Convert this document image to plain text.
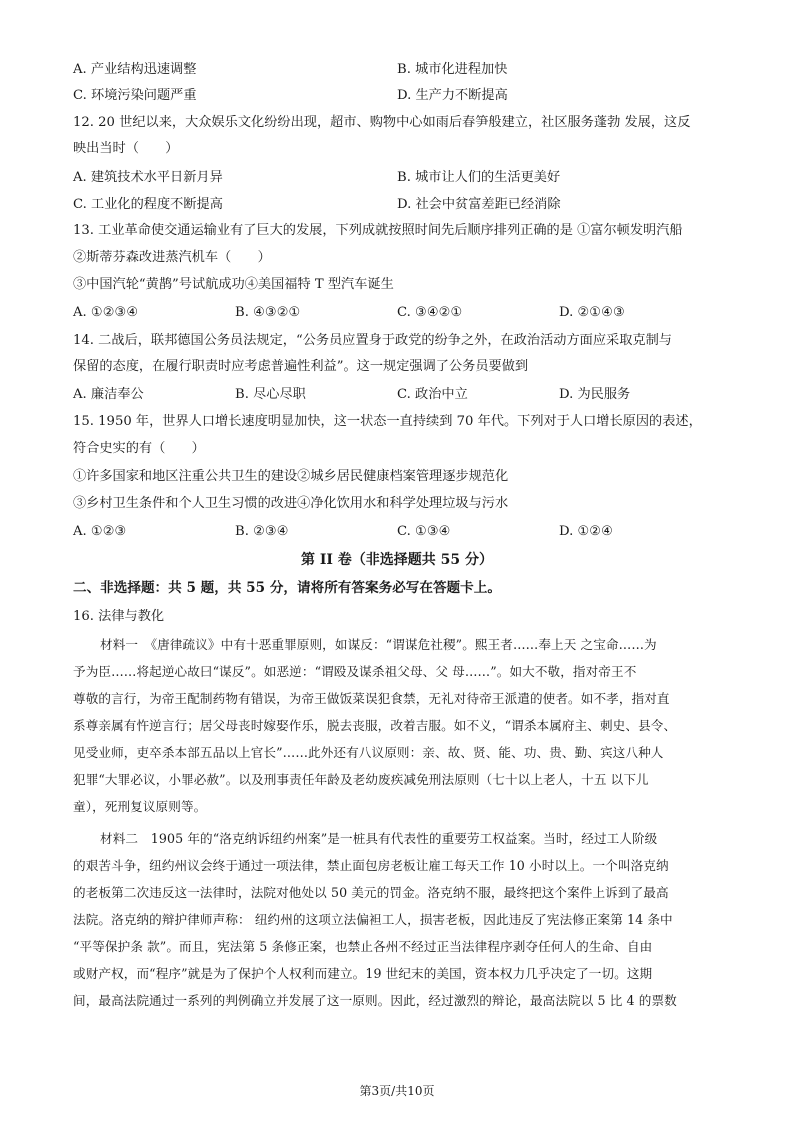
A. 产业结构迅速调整	B. 城市化进程加快
C. 环境污染问题严重	D. 生产力不断提高
12. 20 世纪以来，大众娱乐文化纷纷出现，超市、购物中心如雨后春笋般建立，社区服务蓬勃 发展，这反
映出当时（　　）
A. 建筑技术水平日新月异	B. 城市让人们的生活更美好
C. 工业化的程度不断提高	D. 社会中贫富差距已经消除
13. 工业革命使交通运输业有了巨大的发展，下列成就按照时间先后顺序排列正确的是 ①富尔顿发明汽船
②斯蒂芬森改进蒸汽机车（　　）
③中国汽轮“黄鹊”号试航成功④美国福特 T 型汽车诞生
A. ①②③④	B. ④③②①	C. ③④②①	D. ②①④③
14. 二战后，联邦德国公务员法规定，“公务员应置身于政党的纷争之外，在政治活动方面应采取克制与
保留的态度，在履行职责时应考虑普遍性利益”。这一规定强调了公务员要做到
A. 廉洁奉公	B. 尽心尽职	C. 政治中立	D. 为民服务
15. 1950 年，世界人口增长速度明显加快，这一状态一直持续到 70 年代。下列对于人口增长原因的表述，
符合史实的有（　　）
①许多国家和地区注重公共卫生的建设②城乡居民健康档案管理逐步规范化
③乡村卫生条件和个人卫生习惯的改进④净化饮用水和科学处理垃圾与污水
A. ①②③	B. ②③④	C. ①③④	D. ①②④
第 II 卷（非选择题共 55 分）
二、非选择题：共 5 题，共 55 分，请将所有答案务必写在答题卡上。
16. 法律与教化
材料一　《唐律疏议》中有十恶重罪原则，如谋反：“谓谋危社稷”。熙王者……奉上天 之宝命……为
予为臣……将起逆心故曰“谋反”。如恶逆：“谓殴及谋杀祖父母、父 母……”。如大不敬，指对帝王不
尊敬的言行，为帝王配制药物有错误，为帝王做饭菜误犯食禁，无礼对待帝王派遣的使者。如不孝，指对直
系尊亲属有忤逆言行；居父母丧时嫁娶作乐，脱去丧服，改着吉服。如不义，“谓杀本属府主、刺史、县令、
见受业师，吏卒杀本部五品以上官长”……此外还有八议原则：亲、故、贤、能、功、贵、勤、宾这八种人
犯罪“大罪必议，小罪必赦”。以及刑事责任年龄及老幼废疾减免刑法原则（七十以上老人，十五 以下儿
童），死刑复议原则等。
材料二　1905 年的“洛克纳诉纽约州案”是一桩具有代表性的重要劳工权益案。当时，经过工人阶级
的艰苦斗争，纽约州议会终于通过一项法律，禁止面包房老板让雇工每天工作 10 小时以上。一个叫洛克纳
的老板第二次违反这一法律时，法院对他处以 50 美元的罚金。洛克纳不服，最终把这个案件上诉到了最高
法院。洛克纳的辩护律师声称： 纽约州的这项立法偏袒工人，损害老板，因此违反了宪法修正案第 14 条中
“平等保护条 款”。而且，宪法第 5 条修正案，也禁止各州不经过正当法律程序剥夺任何人的生命、自由
或财产权，而“程序”就是为了保护个人权利而建立。19 世纪末的美国，资本权力几乎决定了一切。这期
间，最高法院通过一系列的判例确立并发展了这一原则。因此，经过激烈的辩论，最高法院以 5 比 4 的票数
第3页/共10页
